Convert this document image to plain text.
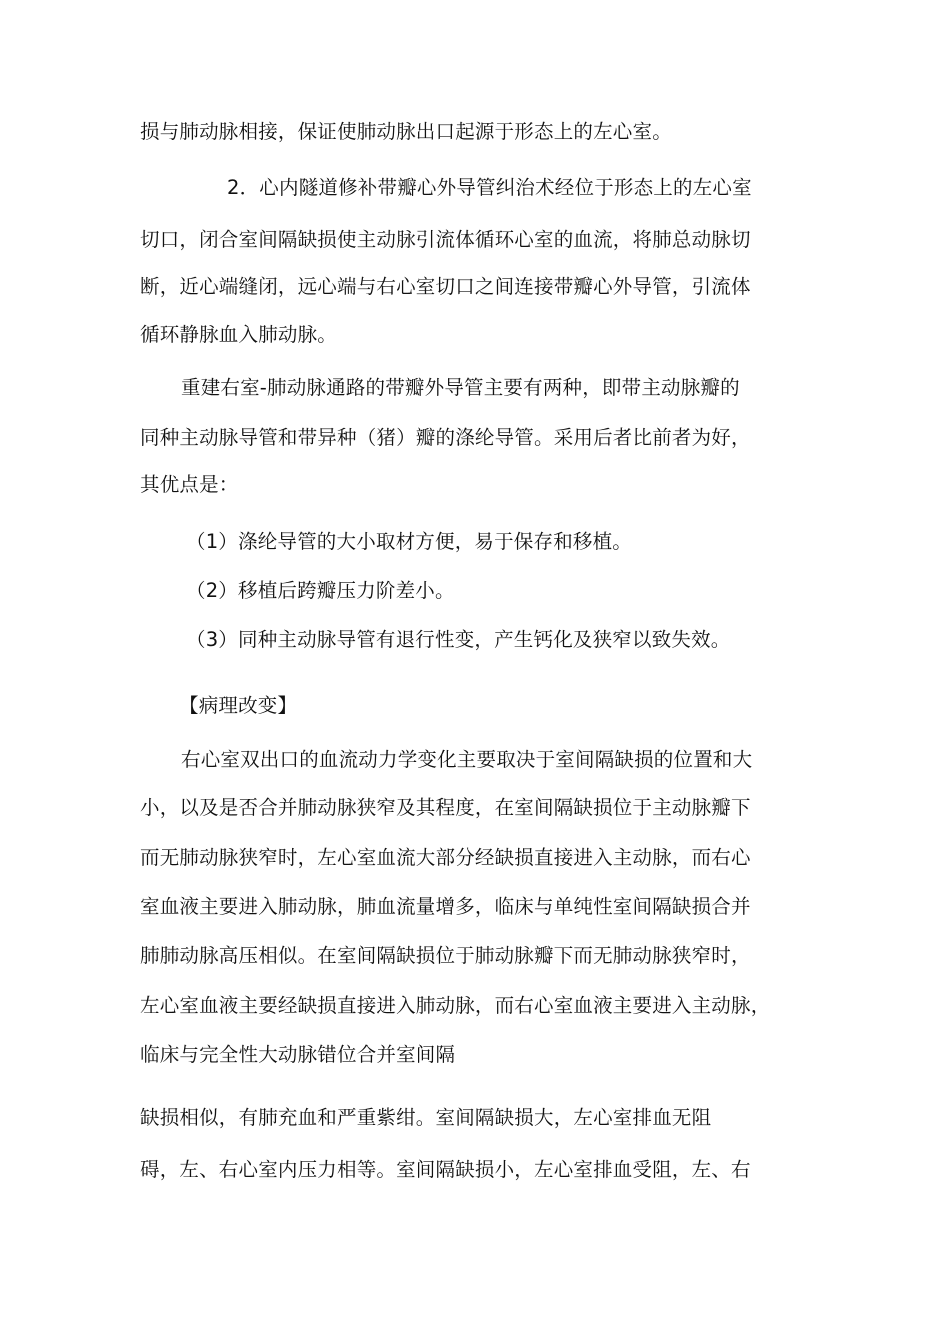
损与肺动脉相接，保证使肺动脉出口起源于形态上的左心室。
2．心内隧道修补带瓣心外导管纠治术经位于形态上的左心室
切口，闭合室间隔缺损使主动脉引流体循环心室的血流，将肺总动脉切
断，近心端缝闭，远心端与右心室切口之间连接带瓣心外导管，引流体
循环静脉血入肺动脉。
重建右室-肺动脉通路的带瓣外导管主要有两种，即带主动脉瓣的
同种主动脉导管和带异种（猪）瓣的涤纶导管。采用后者比前者为好，
其优点是：
（1）涤纶导管的大小取材方便，易于保存和移植。
（2）移植后跨瓣压力阶差小。
（3）同种主动脉导管有退行性变，产生钙化及狭窄以致失效。
【病理改变】
右心室双出口的血流动力学变化主要取决于室间隔缺损的位置和大
小，以及是否合并肺动脉狭窄及其程度，在室间隔缺损位于主动脉瓣下
而无肺动脉狭窄时，左心室血流大部分经缺损直接进入主动脉，而右心
室血液主要进入肺动脉，肺血流量增多，临床与单纯性室间隔缺损合并
肺肺动脉高压相似。在室间隔缺损位于肺动脉瓣下而无肺动脉狭窄时，
左心室血液主要经缺损直接进入肺动脉，而右心室血液主要进入主动脉，
临床与完全性大动脉错位合并室间隔
缺损相似，有肺充血和严重紫绀。室间隔缺损大，左心室排血无阻
碍，左、右心室内压力相等。室间隔缺损小，左心室排血受阻，左、右
